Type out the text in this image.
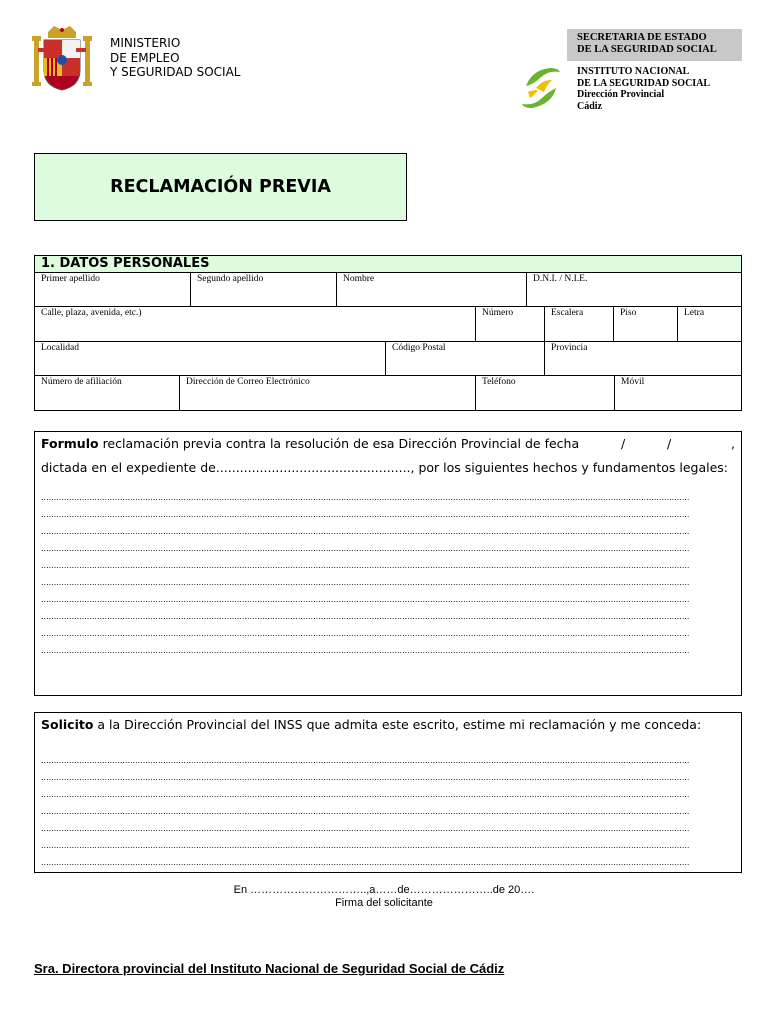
MINISTERIO
DE EMPLEO
Y SEGURIDAD SOCIAL
SECRETARIA DE ESTADO
DE LA SEGURIDAD SOCIAL
INSTITUTO NACIONAL
DE LA SEGURIDAD SOCIAL
Dirección Provincial
Cádiz
RECLAMACIÓN PREVIA
1. DATOS PERSONALES
Primer apellido	Segundo apellido	Nombre	D.N.I. / N.I.E.
Calle, plaza, avenida, etc.)	Número	Escalera	Piso	Letra
Localidad	Código Postal	Provincia
Número de afiliación	Dirección de Correo Electrónico	Teléfono	Móvil
Formulo reclamación previa contra la resolución de esa Dirección Provincial de fecha	/	/	,
dictada en el expediente de................................................., por los siguientes hechos y fundamentos legales:
...............................................................................................................................................................................................................................................................
...............................................................................................................................................................................................................................................................
...............................................................................................................................................................................................................................................................
...............................................................................................................................................................................................................................................................
...............................................................................................................................................................................................................................................................
...............................................................................................................................................................................................................................................................
...............................................................................................................................................................................................................................................................
...............................................................................................................................................................................................................................................................
...............................................................................................................................................................................................................................................................
...............................................................................................................................................................................................................................................................
Solicito a la Dirección Provincial del INSS que admita este escrito, estime mi reclamación y me conceda:
...............................................................................................................................................................................................................................................................
...............................................................................................................................................................................................................................................................
...............................................................................................................................................................................................................................................................
...............................................................................................................................................................................................................................................................
...............................................................................................................................................................................................................................................................
...............................................................................................................................................................................................................................................................
...............................................................................................................................................................................................................................................................
En …………………………..,a……de…………………..de 20….
Firma del solicitante
Sra. Directora provincial del Instituto Nacional de Seguridad Social de Cádiz
